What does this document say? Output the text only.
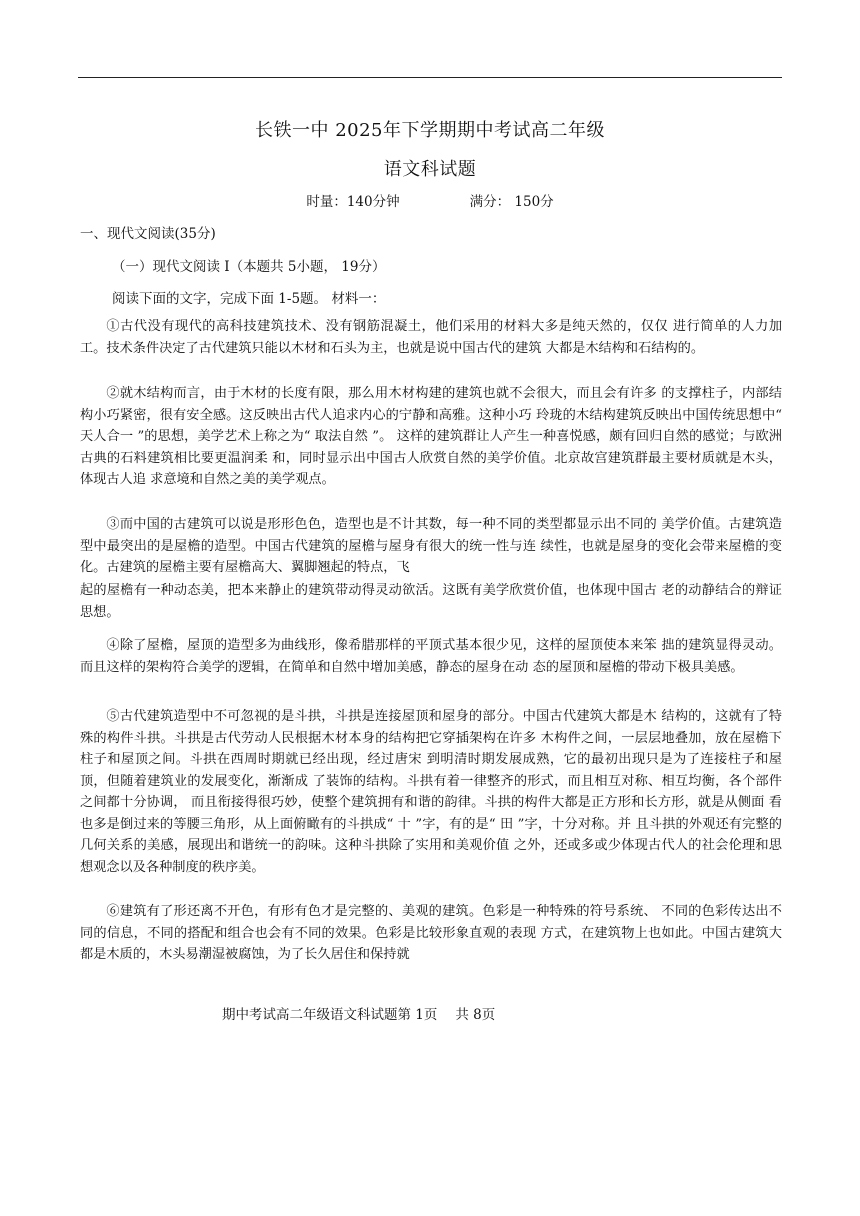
长铁一中 2025年下学期期中考试高二年级
语文科试题
时量：140分钟	满分： 150分
一、现代文阅读(35分)
（一）现代文阅读 I（本题共 5小题， 19分）
阅读下面的文字，完成下面 1-5题。 材料一：

①古代没有现代的高科技建筑技术、没有钢筋混凝土，他们采用的材料大多是纯天然的，仅仅 进行简单的人力加工。技术条件决定了古代建筑只能以木材和石头为主，也就是说中国古代的建筑 大都是木结构和石结构的。

②就木结构而言，由于木材的长度有限，那么用木材构建的建筑也就不会很大，而且会有许多 的支撑柱子，内部结构小巧紧密，很有安全感。这反映出古代人追求内心的宁静和高雅。这种小巧 玲珑的木结构建筑反映出中国传统思想中“ 天人合一 ”的思想，美学艺术上称之为“ 取法自然 ”。 这样的建筑群让人产生一种喜悦感，颇有回归自然的感觉；与欧洲古典的石料建筑相比要更温润柔 和，同时显示出中国古人欣赏自然的美学价值。北京故宫建筑群最主要材质就是木头，体现古人追 求意境和自然之美的美学观点。

③而中国的古建筑可以说是形形色色，造型也是不计其数，每一种不同的类型都显示出不同的 美学价值。古建筑造型中最突出的是屋檐的造型。中国古代建筑的屋檐与屋身有很大的统一性与连 续性，也就是屋身的变化会带来屋檐的变化。古建筑的屋檐主要有屋檐高大、翼脚翘起的特点，飞

起的屋檐有一种动态美，把本来静止的建筑带动得灵动欲活。这既有美学欣赏价值，也体现中国古 老的动静结合的辩证思想。

④除了屋檐，屋顶的造型多为曲线形，像希腊那样的平顶式基本很少见，这样的屋顶使本来笨 拙的建筑显得灵动。而且这样的架构符合美学的逻辑，在简单和自然中增加美感，静态的屋身在动 态的屋顶和屋檐的带动下极具美感。

⑤古代建筑造型中不可忽视的是斗拱，斗拱是连接屋顶和屋身的部分。中国古代建筑大都是木 结构的，这就有了特殊的构件斗拱。斗拱是古代劳动人民根据木材本身的结构把它穿插架构在许多 木构件之间，一层层地叠加，放在屋檐下柱子和屋顶之间。斗拱在西周时期就已经出现，经过唐宋 到明清时期发展成熟，它的最初出现只是为了连接柱子和屋顶，但随着建筑业的发展变化，渐渐成 了装饰的结构。斗拱有着一律整齐的形式，而且相互对称、相互均衡，各个部件之间都十分协调， 而且衔接得很巧妙，使整个建筑拥有和谐的韵律。斗拱的构件大都是正方形和长方形，就是从侧面 看也多是倒过来的等腰三角形，从上面俯瞰有的斗拱成“ 十 ”字，有的是“ 田 ”字，十分对称。并 且斗拱的外观还有完整的几何关系的美感，展现出和谐统一的韵味。这种斗拱除了实用和美观价值 之外，还或多或少体现古代人的社会伦理和思想观念以及各种制度的秩序美。

⑥建筑有了形还离不开色，有形有色才是完整的、美观的建筑。色彩是一种特殊的符号系统、 不同的色彩传达出不同的信息，不同的搭配和组合也会有不同的效果。色彩是比较形象直观的表现 方式，在建筑物上也如此。中国古建筑大都是木质的，木头易潮湿被腐蚀，为了长久居住和保持就

期中考试高二年级语文科试题第 1页 共 8页
